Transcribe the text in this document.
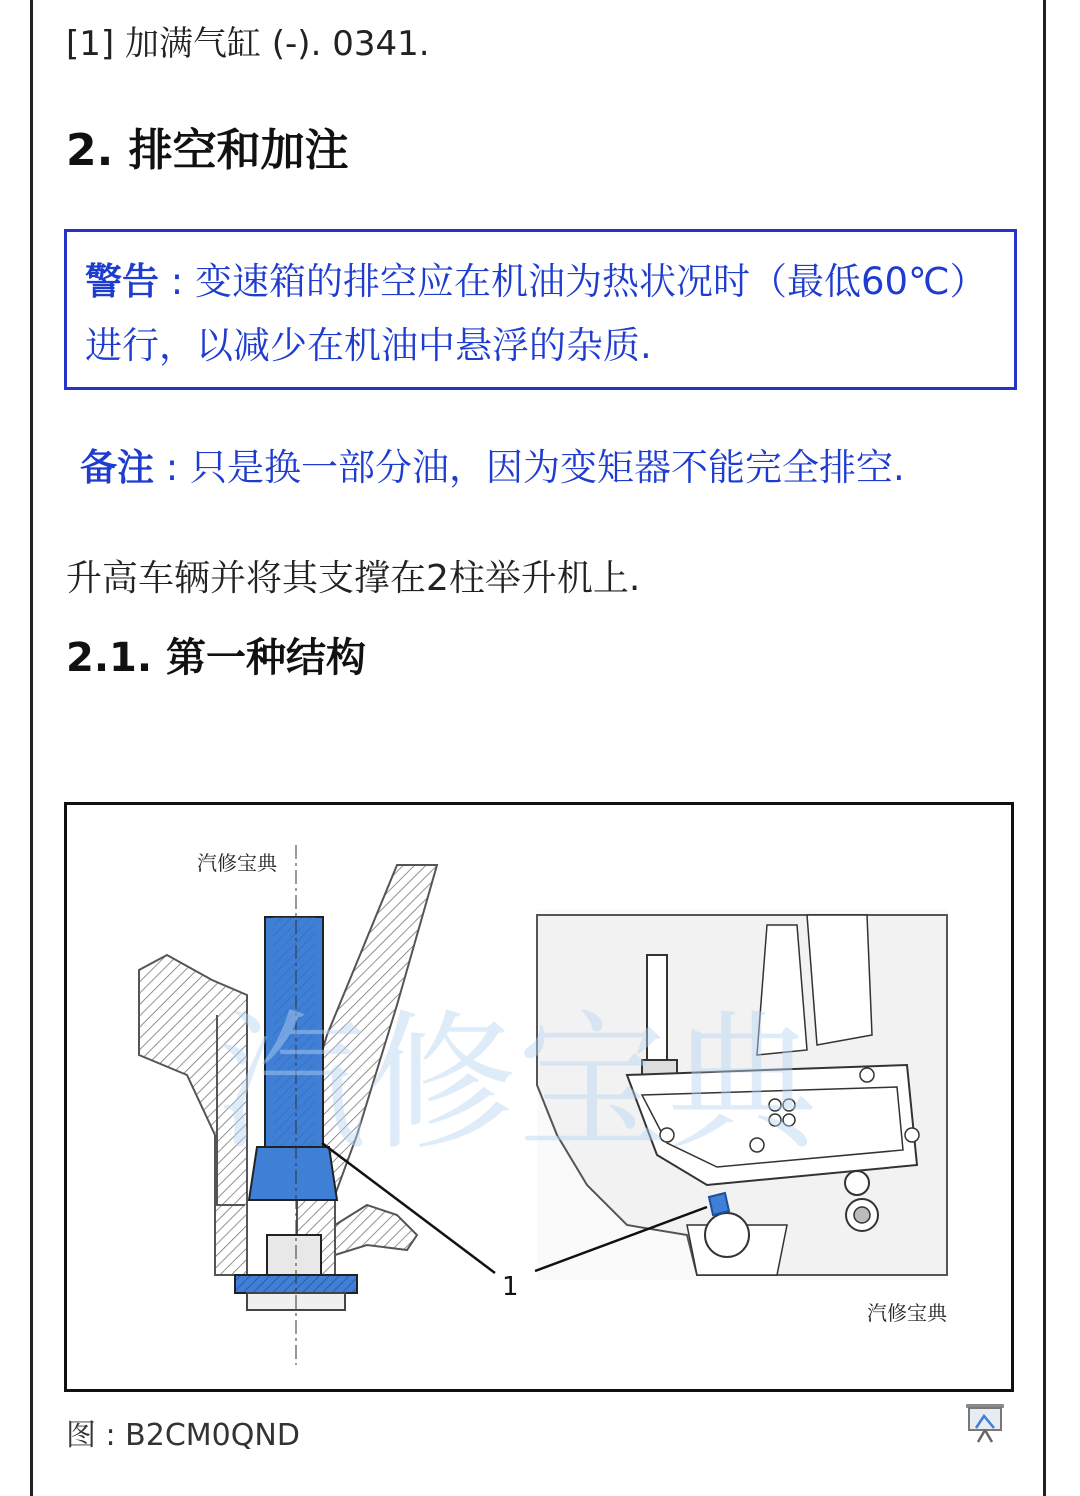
[1] 加满气缸 (-). 0341.
2. 排空和加注
警告 : 变速箱的排空应在机油为热状况时（最低60℃）进行，以减少在机油中悬浮的杂质.
备注 : 只是换一部分油，因为变矩器不能完全排空.
升高车辆并将其支撑在2柱举升机上.
2.1. 第一种结构
1
汽修宝典
汽修宝典
汽修宝典
图 : B2CM0QND
